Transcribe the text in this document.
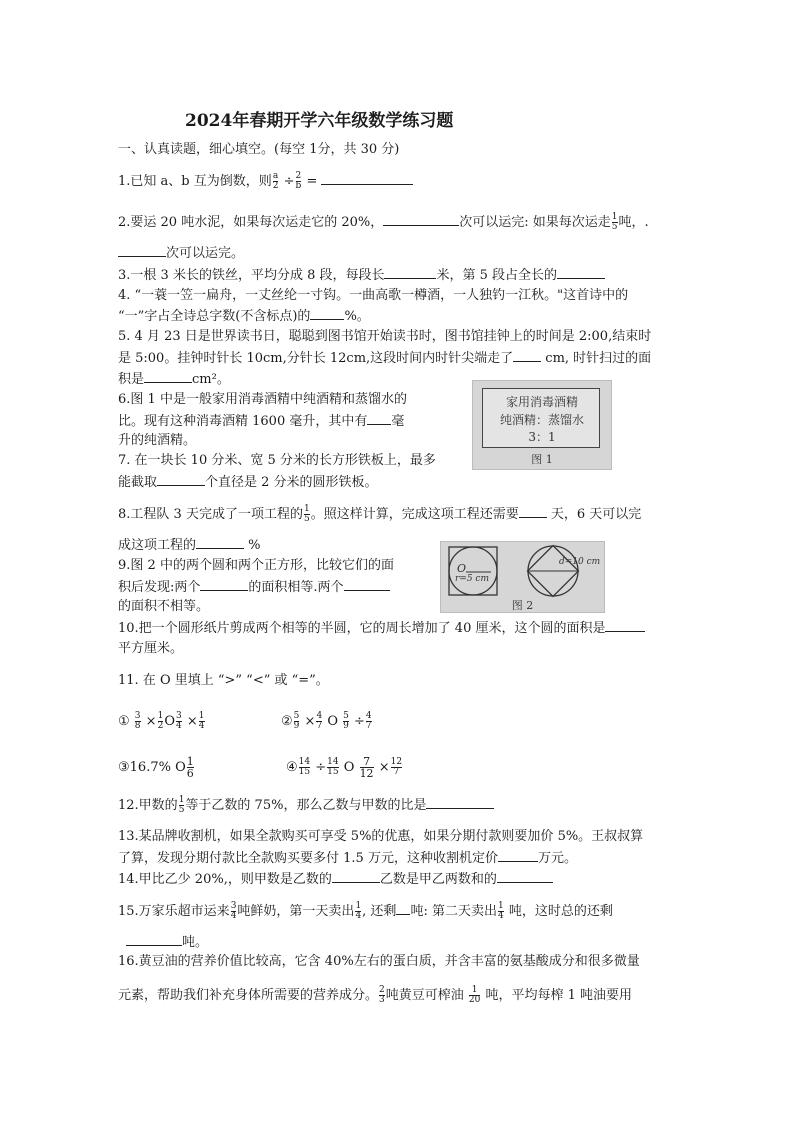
2024年春期开学六年级数学练习题
一、认真读题，细心填空。(每空 1分，共 30 分)
1.已知 a、b 互为倒数，则 $\frac{a}{2} \div \frac{2}{b}$ =
2.要运 20 吨水泥，如果每次运走它的 20%，	次可以运完: 如果每次运走 $\frac{1}{5}$ 吨，.
次可以运完。
3.一根 3 米长的铁丝，平均分成 8 段，每段长	米，第 5 段占全长的
4. “一蓑一笠一扁舟，一丈丝纶一寸钩。一曲高歌一樽酒，一人独钓一江秋。"这首诗中的
“一”字占全诗总字数(不含标点)的	%。
5. 4 月 23 日是世界读书日，聪聪到图书馆开始读书时，图书馆挂钟上的时间是 2:00,结束时
是 5:00。挂钟时针长 10cm,分针长 12cm,这段时间内时针尖端走了 cm, 时针扫过的面
积是	cm²。
6.图 1 中是一般家用消毒酒精中纯酒精和蒸馏水的
比。现有这种消毒酒精 1600 毫升，其中有 毫
升的纯酒精。
家用消毒酒精
纯酒精：蒸馏水
3：1
图 1
7. 在一块长 10 分米、宽 5 分米的长方形铁板上，最多
能截取	个直径是 2 分米的圆形铁板。
8.工程队 3 天完成了一项工程的 $\frac{1}{5}$ 。照这样计算，完成这项工程还需要 天，6 天可以完
成这项工程的	%
9.图 2 中的两个圆和两个正方形，比较它们的面
积后发现:两个	的面积相等.两个
的面积不相等。
O
r=5 cm
d=10 cm
图 2
10.把一个圆形纸片剪成两个相等的半圆，它的周长增加了 40 厘米，这个圆的面积是
平方厘米。
11. 在 O 里填上 “>” “<” 或 “=”。
① $\frac{3}{8} \times \frac{1}{2}$ O $\frac{3}{4} \times \frac{1}{4}$	② $\frac{5}{9} \times \frac{4}{7}$ O $\frac{5}{9} \div \frac{4}{7}$
③16.7% O $\frac{1}{6}$	④ $\frac{14}{15} \div \frac{14}{15}$ O $\frac{7}{12} \times \frac{12}{7}$
12.甲数的 $\frac{1}{5}$ 等于乙数的 75%，那么乙数与甲数的比是
13.某品牌收割机，如果全款购买可享受 5%的优惠，如果分期付款则要加价 5%。王叔叔算
了算，发现分期付款比全款购买要多付 1.5 万元，这种收割机定价	万元。
14.甲比乙少 20%,，则甲数是乙数的	乙数是甲乙两数和的
15.万家乐超市运来 $\frac{3}{4}$ 吨鲜奶，第一天卖出 $\frac{1}{4}$ , 还剩 吨: 第二天卖出 $\frac{1}{4}$ 吨，这时总的还剩
吨。
16.黄豆油的营养价值比较高，它含 40%左右的蛋白质，并含丰富的氨基酸成分和很多微量
元素，帮助我们补充身体所需要的营养成分。 $\frac{2}{3}$ 吨黄豆可榨油 $\frac{1}{20}$ 吨，平均每榨 1 吨油要用
